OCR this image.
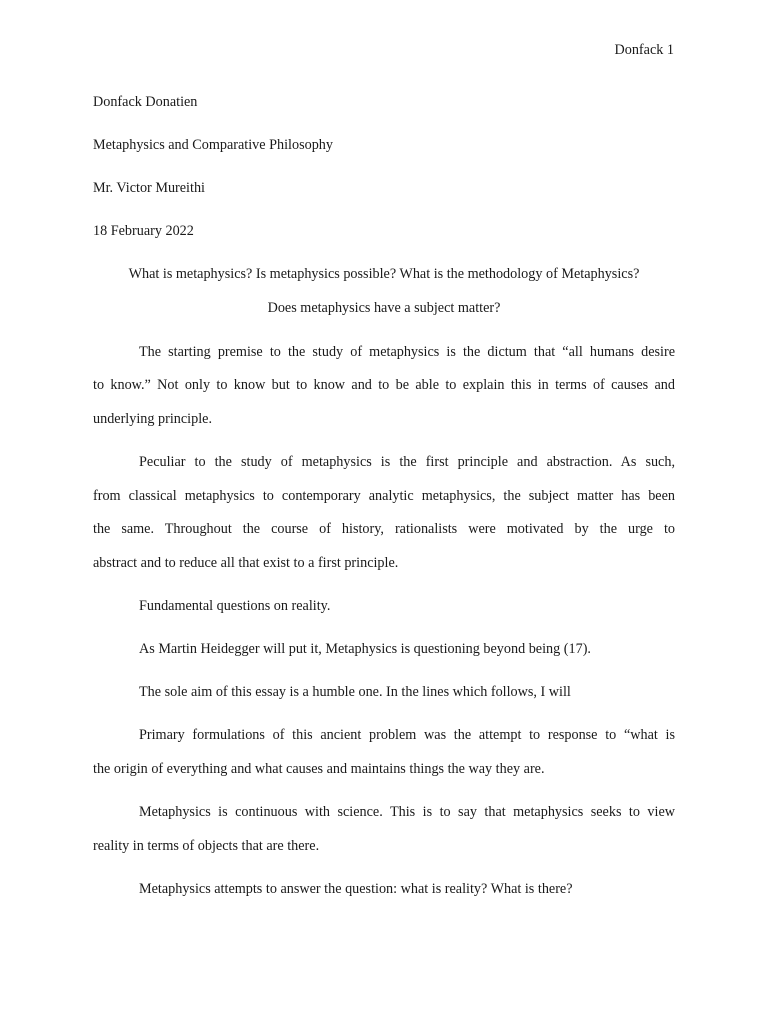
Donfack 1
Donfack Donatien
Metaphysics and Comparative Philosophy
Mr. Victor Mureithi
18 February 2022
What is metaphysics? Is metaphysics possible? What is the methodology of Metaphysics?
Does metaphysics have a subject matter?
The starting premise to the study of metaphysics is the dictum that “all humans desire
to know.” Not only to know but to know and to be able to explain this in terms of causes and
underlying principle.
Peculiar to the study of metaphysics is the first principle and abstraction. As such,
from classical metaphysics to contemporary analytic metaphysics, the subject matter has been
the same. Throughout the course of history, rationalists were motivated by the urge to
abstract and to reduce all that exist to a first principle.
Fundamental questions on reality.
As Martin Heidegger will put it, Metaphysics is questioning beyond being (17).
The sole aim of this essay is a humble one. In the lines which follows, I will
Primary formulations of this ancient problem was the attempt to response to “what is
the origin of everything and what causes and maintains things the way they are.
Metaphysics is continuous with science. This is to say that metaphysics seeks to view
reality in terms of objects that are there.
Metaphysics attempts to answer the question: what is reality? What is there?
